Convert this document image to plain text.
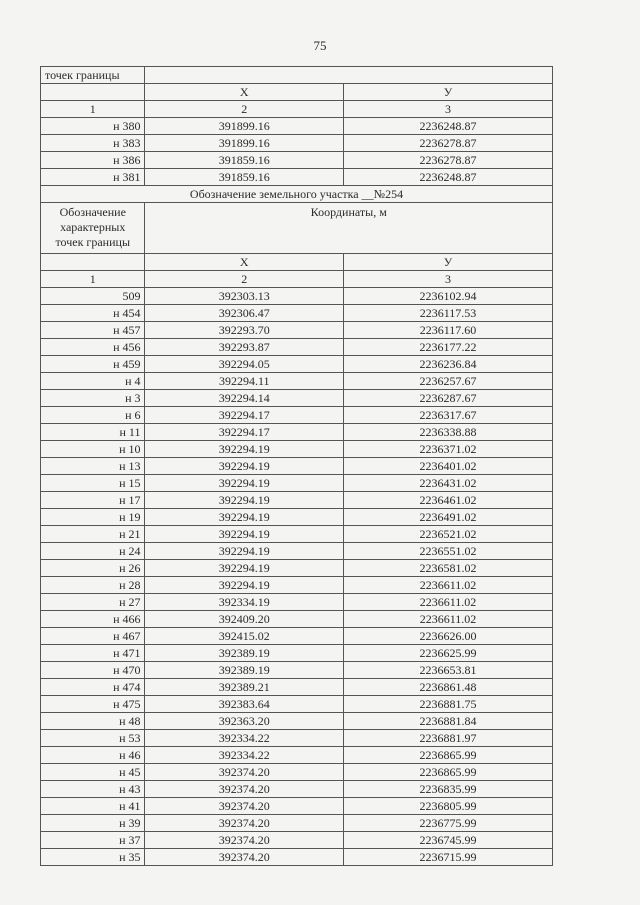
75
точек границы		
	X	У
1	2	3
н 380	391899.16	2236248.87
н 383	391899.16	2236278.87
н 386	391859.16	2236278.87
н 381	391859.16	2236248.87
Обозначение земельного участка __№254		
Обозначение характерных точек границы	Координаты, м	

	X	У
1	2	3
509	392303.13	2236102.94
н 454	392306.47	2236117.53
н 457	392293.70	2236117.60
н 456	392293.87	2236177.22
н 459	392294.05	2236236.84
н 4	392294.11	2236257.67
н 3	392294.14	2236287.67
н 6	392294.17	2236317.67
н 11	392294.17	2236338.88
н 10	392294.19	2236371.02
н 13	392294.19	2236401.02
н 15	392294.19	2236431.02
н 17	392294.19	2236461.02
н 19	392294.19	2236491.02
н 21	392294.19	2236521.02
н 24	392294.19	2236551.02
н 26	392294.19	2236581.02
н 28	392294.19	2236611.02
н 27	392334.19	2236611.02
н 466	392409.20	2236611.02
н 467	392415.02	2236626.00
н 471	392389.19	2236625.99
н 470	392389.19	2236653.81
н 474	392389.21	2236861.48
н 475	392383.64	2236881.75
н 48	392363.20	2236881.84
н 53	392334.22	2236881.97
н 46	392334.22	2236865.99
н 45	392374.20	2236865.99
н 43	392374.20	2236835.99
н 41	392374.20	2236805.99
н 39	392374.20	2236775.99
н 37	392374.20	2236745.99
н 35	392374.20	2236715.99
